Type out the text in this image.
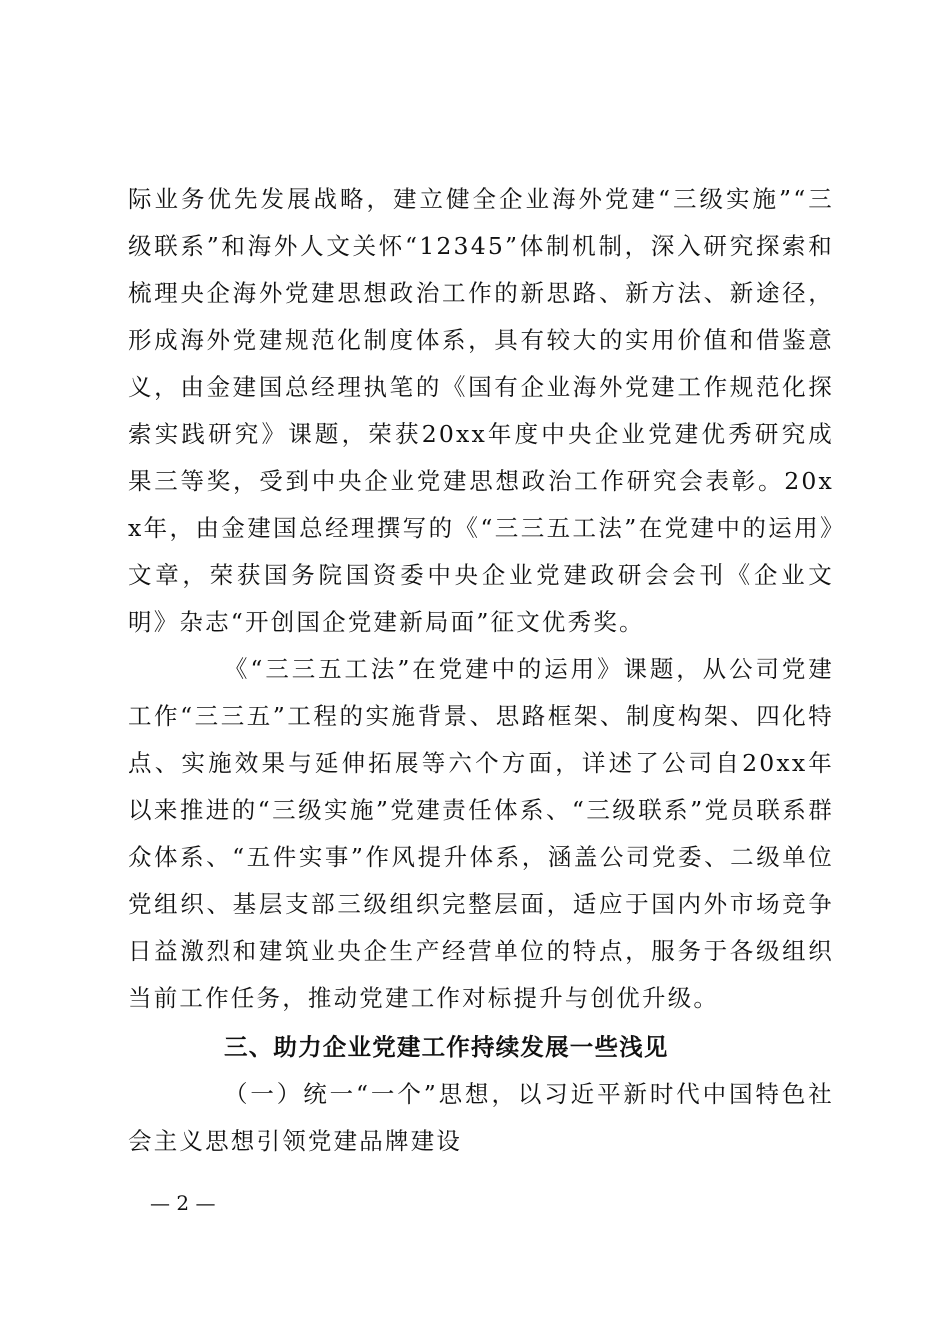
际业务优先发展战略，建立健全企业海外党建“三级实施”“三级联系”和海外人文关怀“12345”体制机制，深入研究探索和梳理央企海外党建思想政治工作的新思路、新方法、新途径，形成海外党建规范化制度体系，具有较大的实用价值和借鉴意义，由金建国总经理执笔的《国有企业海外党建工作规范化探索实践研究》课题，荣获20xx年度中央企业党建优秀研究成果三等奖，受到中央企业党建思想政治工作研究会表彰。20xx年，由金建国总经理撰写的《“三三五工法”在党建中的运用》文章，荣获国务院国资委中央企业党建政研会会刊《企业文明》杂志“开创国企党建新局面”征文优秀奖。
《“三三五工法”在党建中的运用》课题，从公司党建工作“三三五”工程的实施背景、思路框架、制度构架、四化特点、实施效果与延伸拓展等六个方面，详述了公司自20xx年以来推进的“三级实施”党建责任体系、“三级联系”党员联系群众体系、“五件实事”作风提升体系，涵盖公司党委、二级单位党组织、基层支部三级组织完整层面，适应于国内外市场竞争日益激烈和建筑业央企生产经营单位的特点，服务于各级组织当前工作任务，推动党建工作对标提升与创优升级。
三、助力企业党建工作持续发展一些浅见
（一）统一“一个”思想，以习近平新时代中国特色社会主义思想引领党建品牌建设
— 2 —
